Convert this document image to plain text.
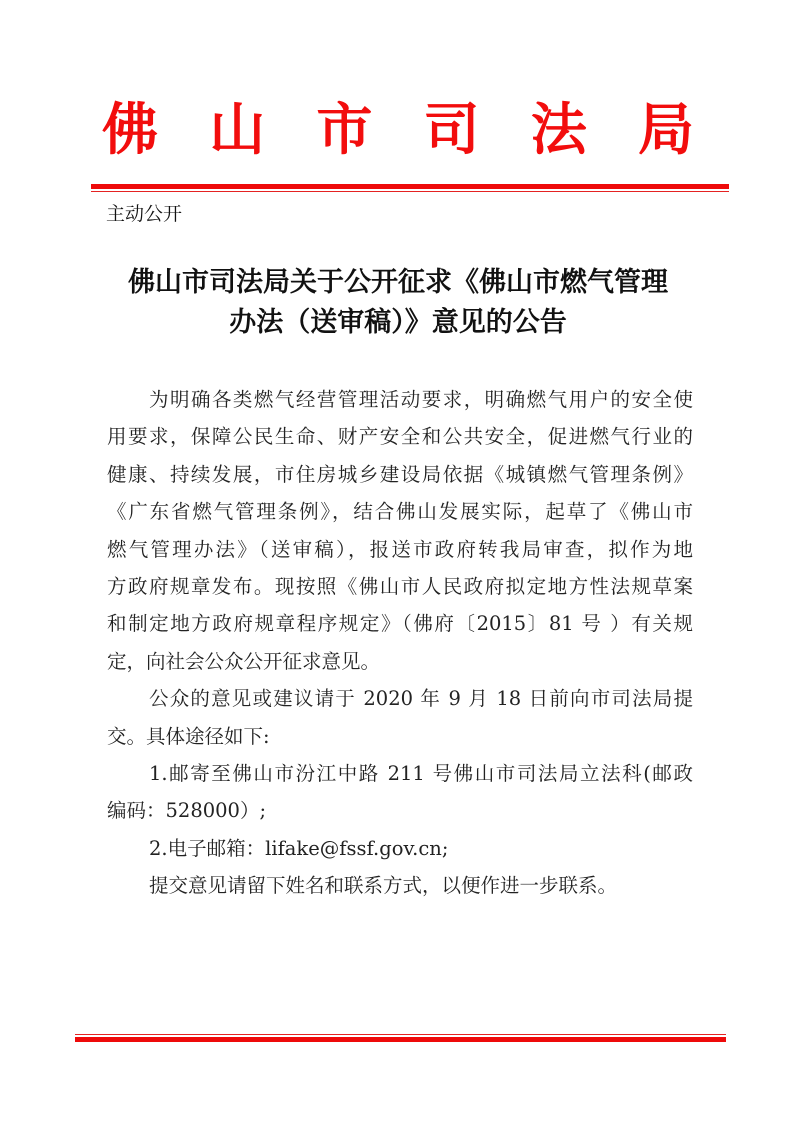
佛 山 市 司 法 局
主动公开
佛山市司法局关于公开征求《佛山市燃气管理
办法（送审稿）》意见的公告
为明确各类燃气经营管理活动要求，明确燃气用户的安全使
用要求，保障公民生命、财产安全和公共安全，促进燃气行业的
健康、持续发展，市住房城乡建设局依据《城镇燃气管理条例》
《广东省燃气管理条例》，结合佛山发展实际，起草了《佛山市
燃气管理办法》（送审稿），报送市政府转我局审查，拟作为地
方政府规章发布。现按照《佛山市人民政府拟定地方性法规草案
和制定地方政府规章程序规定》（佛府〔2015〕81 号 ）有关规
定，向社会公众公开征求意见。
公众的意见或建议请于 2020 年 9 月 18 日前向市司法局提
交。具体途径如下:
1.邮寄至佛山市汾江中路 211 号佛山市司法局立法科(邮政
编码：528000）;
2.电子邮箱：lifake@fssf.gov.cn;
提交意见请留下姓名和联系方式，以便作进一步联系。
